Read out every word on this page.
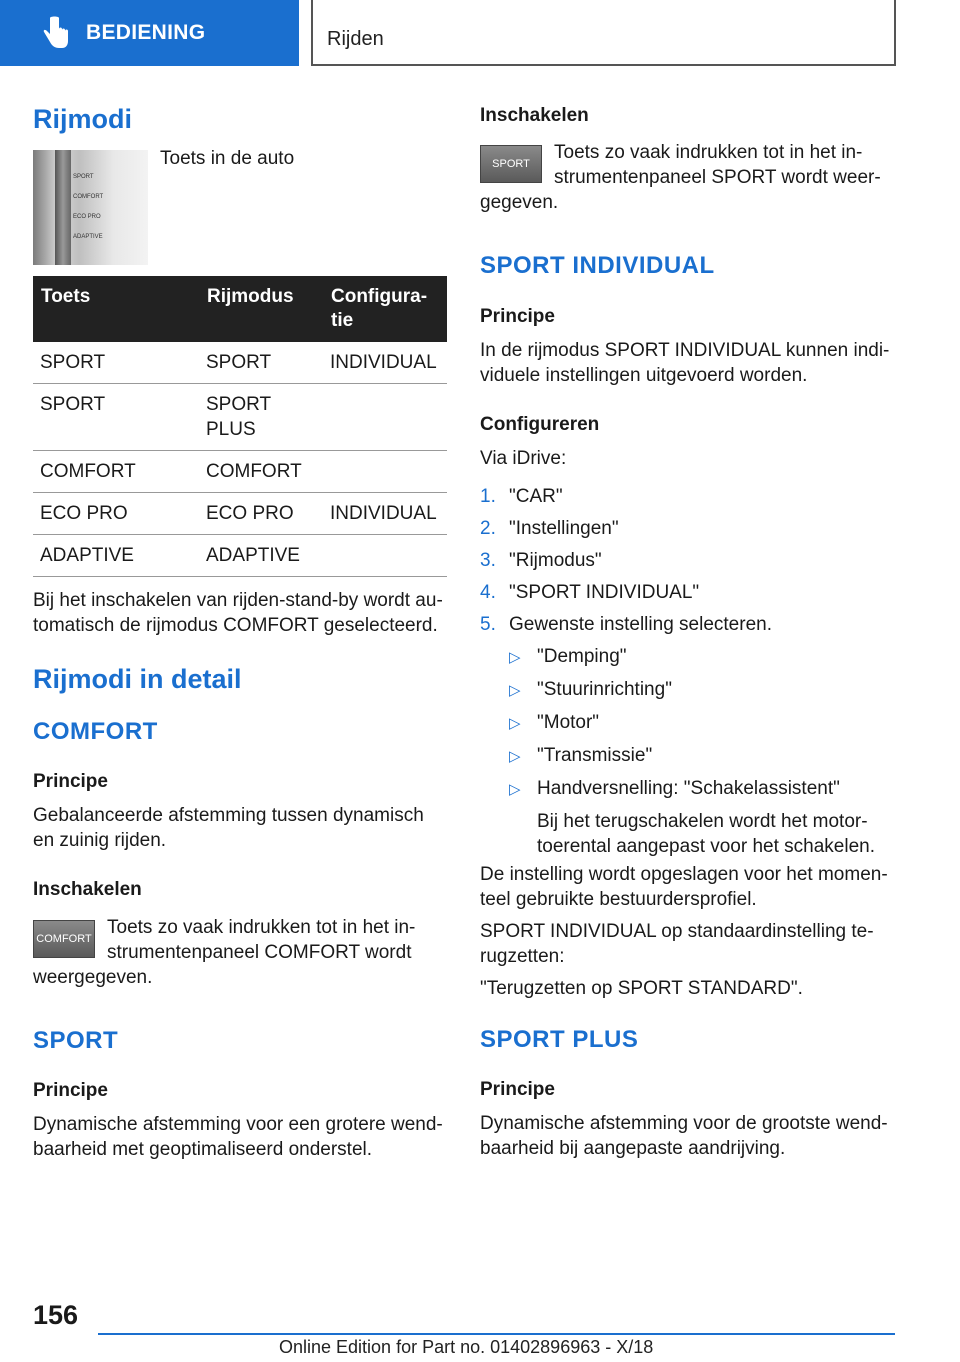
BEDIENING	Rijden
Rijmodi
SPORT
COMFORT
ECO PRO
ADAPTIVE

Toets in de auto

Toets	Rijmodus	Configura-
tie
SPORT	SPORT	INDIVIDUAL
SPORT	SPORT
PLUS	
COMFORT	COMFORT	
ECO PRO	ECO PRO	INDIVIDUAL
ADAPTIVE	ADAPTIVE	

Bij het inschakelen van rijden-stand-by wordt au-
tomatisch de rijmodus COMFORT geselecteerd.

Rijmodi in detail
COMFORT
Principe

Gebalanceerde afstemming tussen dynamisch
en zuinig rijden.

Inschakelen
COMFORT

Toets zo vaak indrukken tot in het in-

strumentenpaneel COMFORT wordt

weergegeven.

SPORT
Principe

Dynamische afstemming voor een grotere wend-
baarheid met geoptimaliseerd onderstel.

Inschakelen
SPORT

Toets zo vaak indrukken tot in het in-

strumentenpaneel SPORT wordt weer-

gegeven.

SPORT INDIVIDUAL
Principe

In de rijmodus SPORT INDIVIDUAL kunnen indi-
viduele instellingen uitgevoerd worden.

Configureren

Via iDrive:

1. "CAR"

2. "Instellingen"

3. "Rijmodus"

4. "SPORT INDIVIDUAL"

5. Gewenste instelling selecteren.

▷ "Demping"

▷ "Stuurinrichting"

▷ "Motor"

▷ "Transmissie"

▷ Handversnelling: "Schakelassistent"

Bij het terugschakelen wordt het motor-
toerental aangepast voor het schakelen.

De instelling wordt opgeslagen voor het momen-
teel gebruikte bestuurdersprofiel.

SPORT INDIVIDUAL op standaardinstelling te-
rugzetten:

"Terugzetten op SPORT STANDARD".

SPORT PLUS
Principe

Dynamische afstemming voor de grootste wend-
baarheid bij aangepaste aandrijving.

156
Online Edition for Part no. 01402896963 - X/18
